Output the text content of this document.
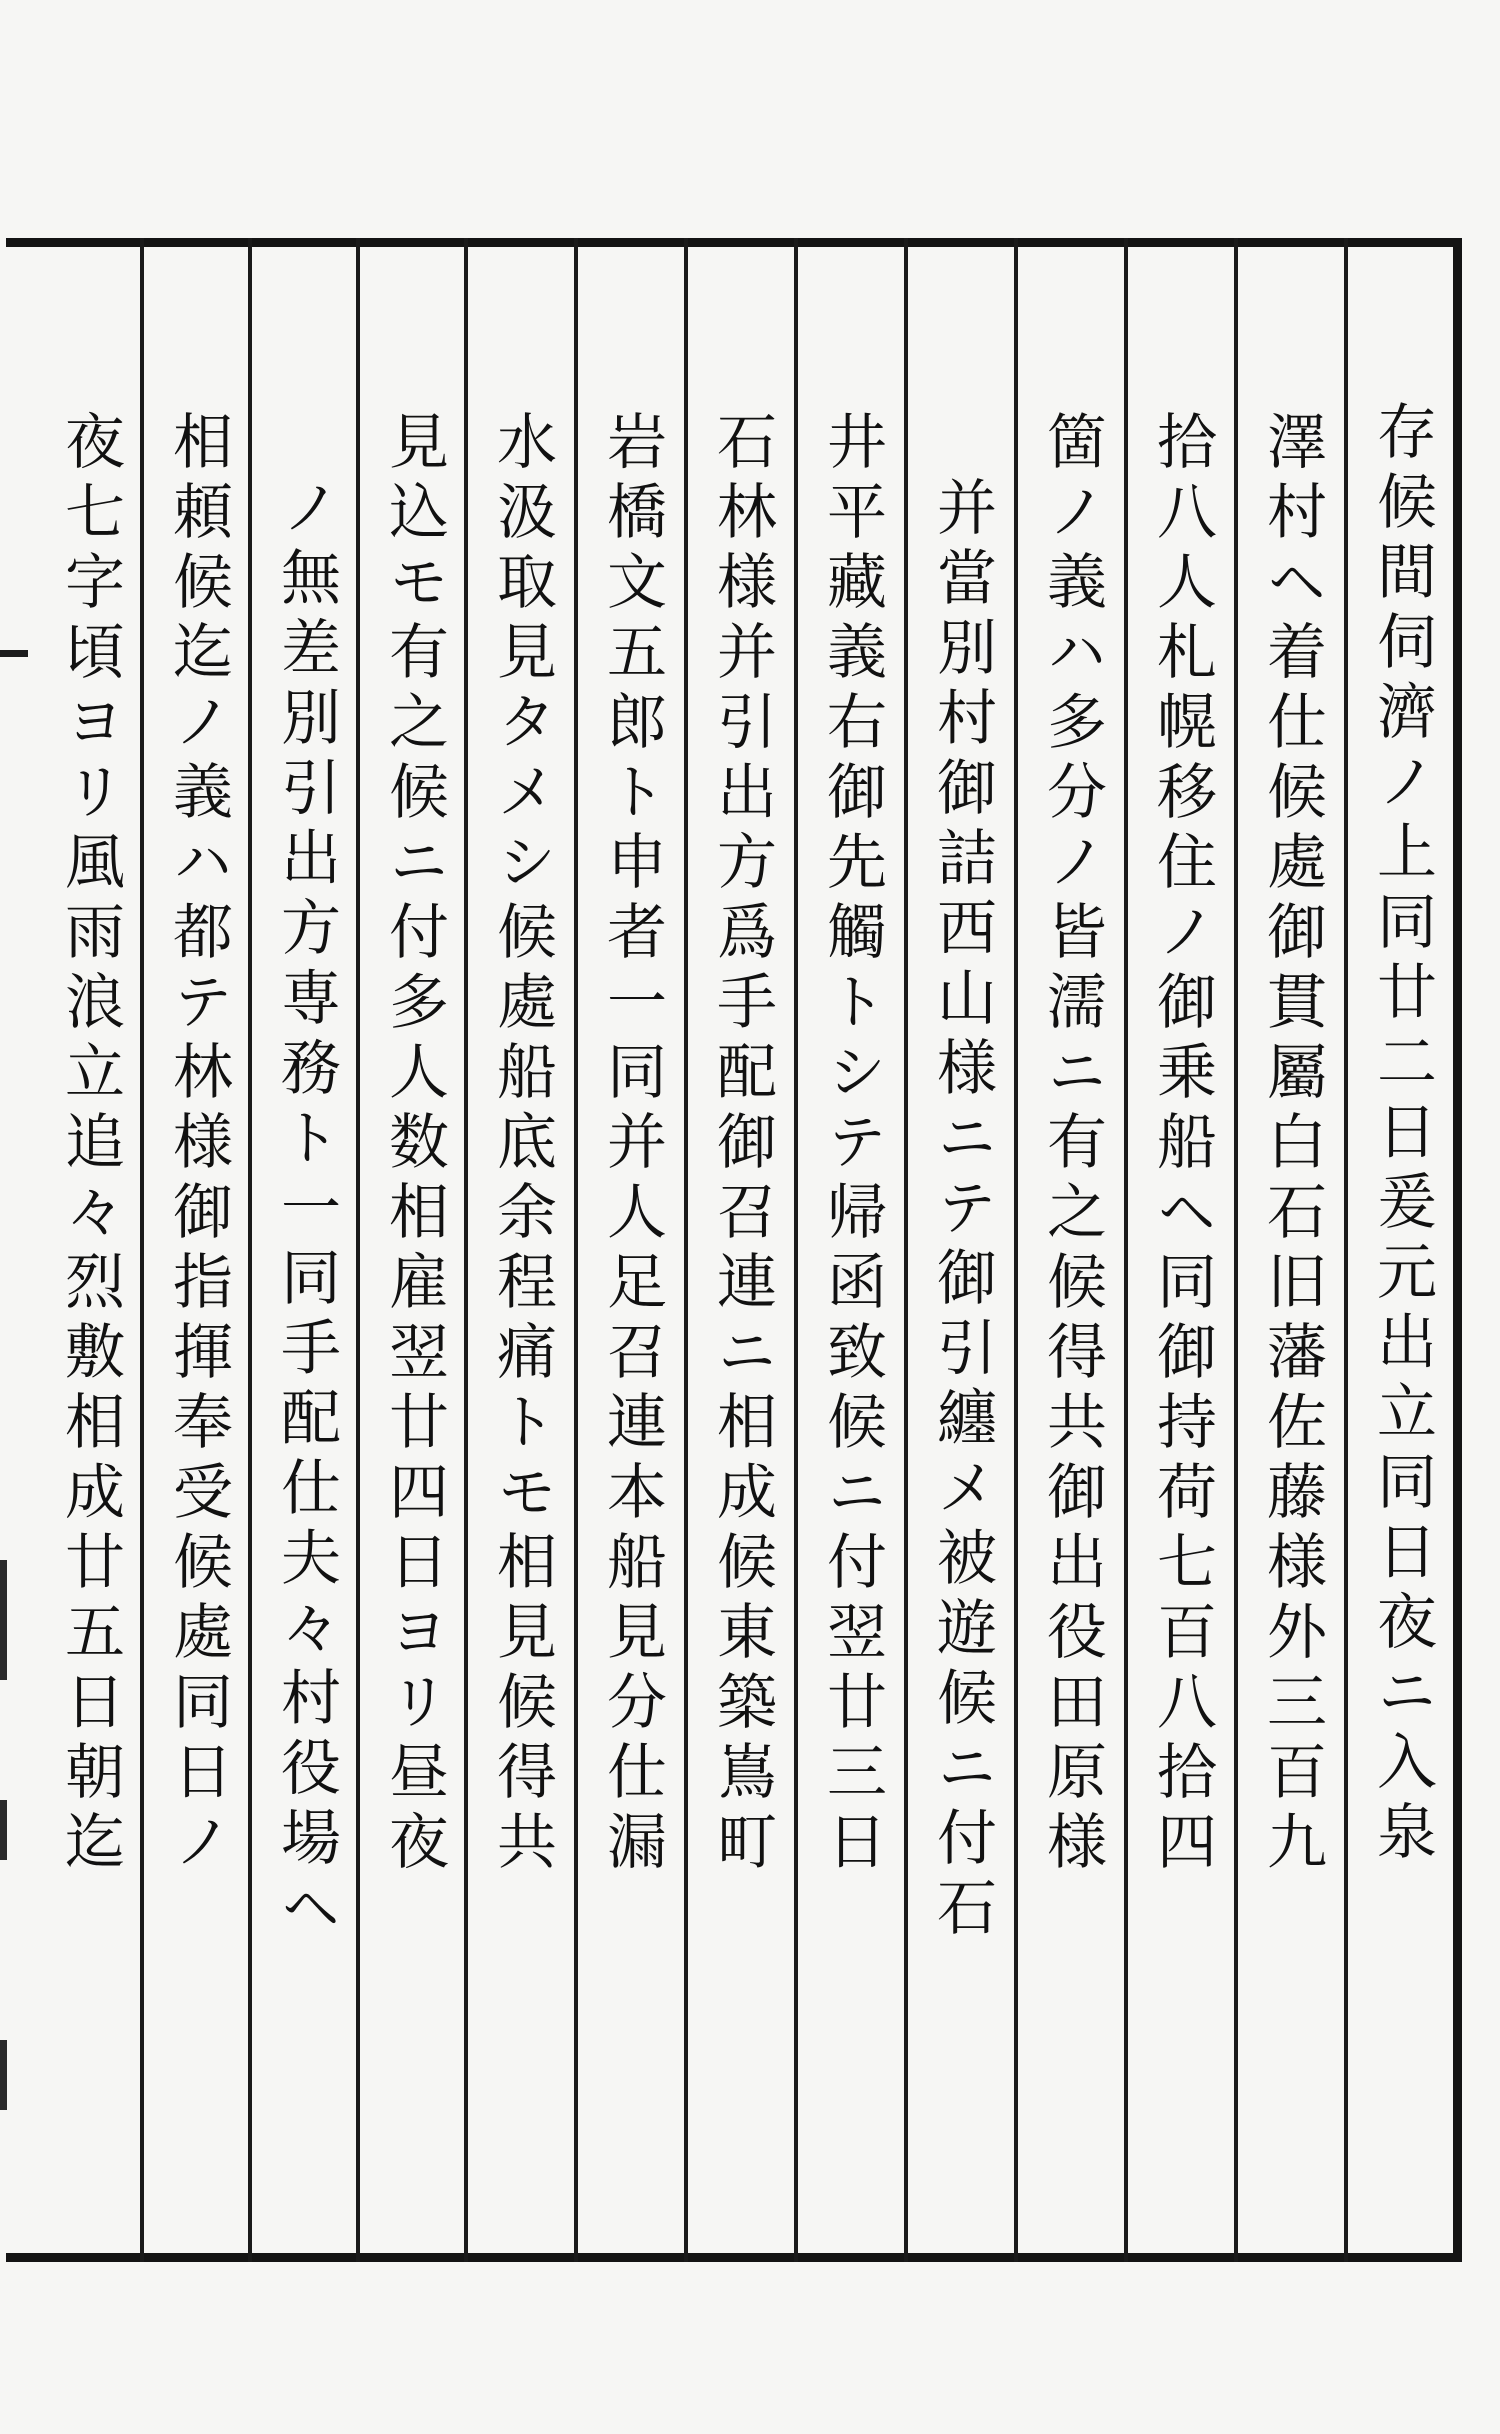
存候間伺濟ノ上同廿二日爰元出立同日夜ニ入泉
澤村ヘ着仕候處御貫屬白石旧藩佐藤様外三百九
拾八人札幌移住ノ御乗船ヘ同御持荷七百八拾四
箇ノ義ハ多分ノ皆濡ニ有之候得共御出役田原様
并當別村御詰西山様ニテ御引纏メ被遊候ニ付石
井平藏義右御先觸トシテ帰函致候ニ付翌廿三日
石林様并引出方爲手配御召連ニ相成候東築嶌町
岩橋文五郎ト申者一同并人足召連本船見分仕漏
水汲取見タメシ候處船底余程痛トモ相見候得共
見込モ有之候ニ付多人数相雇翌廿四日ヨリ昼夜
ノ無差別引出方専務ト一同手配仕夫々村役場ヘ
相頼候迄ノ義ハ都テ林様御指揮奉受候處同日ノ
夜七字頃ヨリ風雨浪立追々烈敷相成廿五日朝迄
